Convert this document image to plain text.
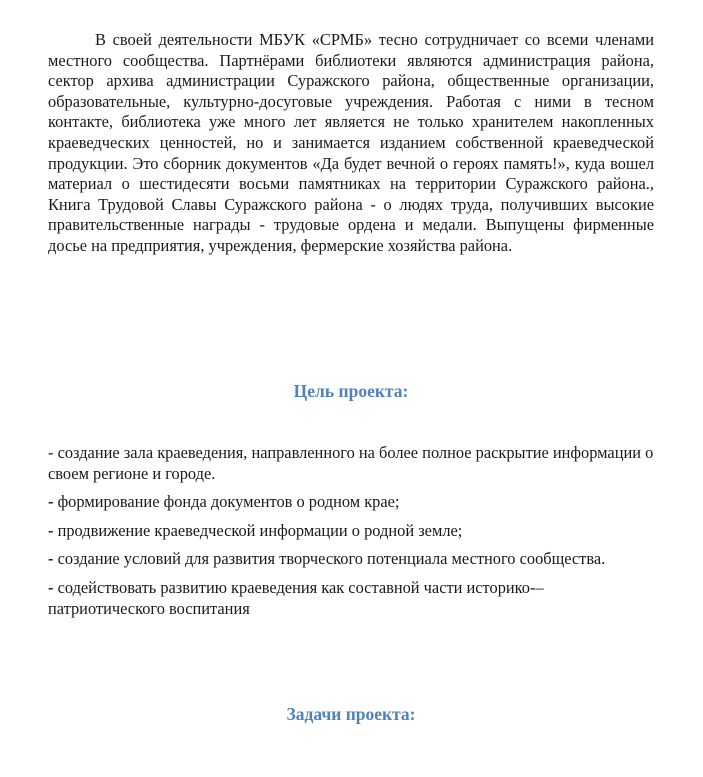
В своей деятельности МБУК «СРМБ» тесно сотрудничает со всеми членами местного сообщества. Партнёрами библиотеки являются администрация района, сектор архива администрации Суражского района, общественные организации, образовательные, культурно-досуговые учреждения. Работая с ними в тесном контакте, библиотека уже много лет является не только хранителем накопленных краеведческих ценностей, но и занимается изданием собственной краеведческой продукции. Это сборник документов «Да будет вечной о героях память!», куда вошел материал о шестидесяти восьми памятниках на территории Суражского района., Книга Трудовой Славы Суражского района - о людях труда, получивших высокие правительственные награды - трудовые ордена и медали. Выпущены фирменные досье на предприятия, учреждения, фермерские хозяйства района.

Цель проекта:
- создание зала краеведения, направленного на более полное раскрытие информации о своем регионе и городе.
- формирование фонда документов о родном крае;
- продвижение краеведческой информации о родной земле;
- создание условий для развития творческого потенциала местного сообщества.
- содействовать развитию краеведения как составной части историко-– патриотического воспитания
Задачи проекта:
